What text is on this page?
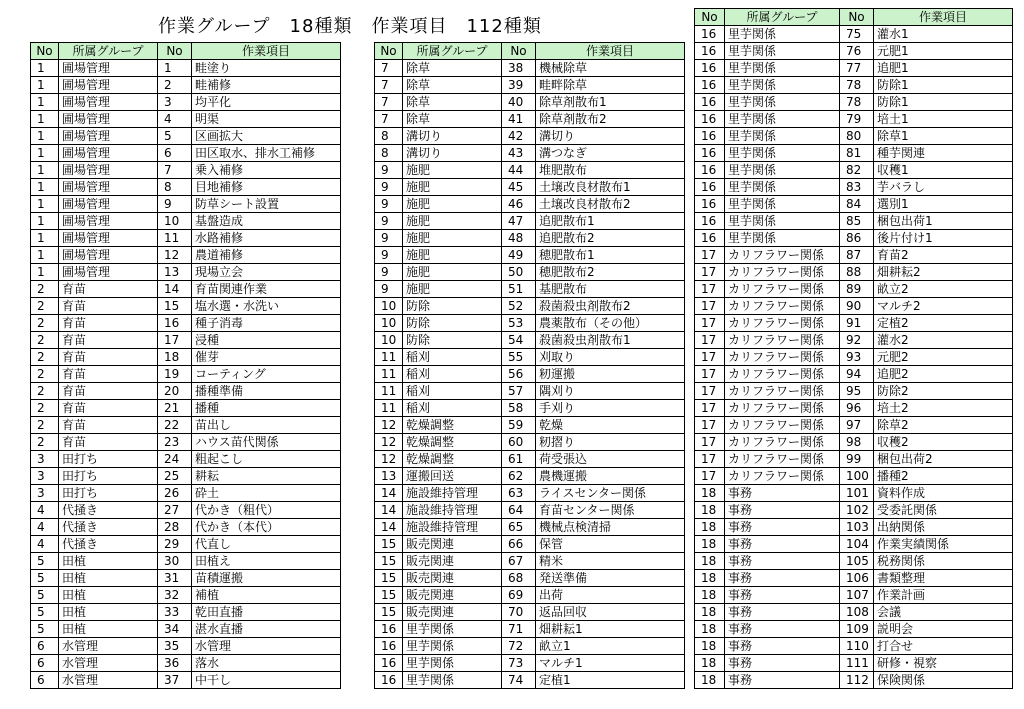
作業グループ　18種類　作業項目　112種類
No	所属グループ	No	作業項目
1	圃場管理	1	畦塗り
1	圃場管理	2	畦補修
1	圃場管理	3	均平化
1	圃場管理	4	明渠
1	圃場管理	5	区画拡大
1	圃場管理	6	田区取水、排水工補修
1	圃場管理	7	乗入補修
1	圃場管理	8	目地補修
1	圃場管理	9	防草シート設置
1	圃場管理	10	基盤造成
1	圃場管理	11	水路補修
1	圃場管理	12	農道補修
1	圃場管理	13	現場立会
2	育苗	14	育苗関連作業
2	育苗	15	塩水選・水洗い
2	育苗	16	種子消毒
2	育苗	17	浸種
2	育苗	18	催芽
2	育苗	19	コーティング
2	育苗	20	播種準備
2	育苗	21	播種
2	育苗	22	苗出し
2	育苗	23	ハウス苗代関係
3	田打ち	24	粗起こし
3	田打ち	25	耕耘
3	田打ち	26	砕土
4	代掻き	27	代かき（粗代）
4	代掻き	28	代かき（本代）
4	代掻き	29	代直し
5	田植	30	田植え
5	田植	31	苗積運搬
5	田植	32	補植
5	田植	33	乾田直播
5	田植	34	湛水直播
6	水管理	35	水管理
6	水管理	36	落水
6	水管理	37	中干し
No	所属グループ	No	作業項目
7	除草	38	機械除草
7	除草	39	畦畔除草
7	除草	40	除草剤散布1
7	除草	41	除草剤散布2
8	溝切り	42	溝切り
8	溝切り	43	溝つなぎ
9	施肥	44	堆肥散布
9	施肥	45	土壌改良材散布1
9	施肥	46	土壌改良材散布2
9	施肥	47	追肥散布1
9	施肥	48	追肥散布2
9	施肥	49	穂肥散布1
9	施肥	50	穂肥散布2
9	施肥	51	基肥散布
10	防除	52	殺菌殺虫剤散布2
10	防除	53	農薬散布（その他）
10	防除	54	殺菌殺虫剤散布1
11	稲刈	55	刈取り
11	稲刈	56	籾運搬
11	稲刈	57	隅刈り
11	稲刈	58	手刈り
12	乾燥調整	59	乾燥
12	乾燥調整	60	籾摺り
12	乾燥調整	61	荷受張込
13	運搬回送	62	農機運搬
14	施設維持管理	63	ライスセンター関係
14	施設維持管理	64	育苗センター関係
14	施設維持管理	65	機械点検清掃
15	販売関連	66	保管
15	販売関連	67	精米
15	販売関連	68	発送準備
15	販売関連	69	出荷
15	販売関連	70	返品回収
16	里芋関係	71	畑耕耘1
16	里芋関係	72	畝立1
16	里芋関係	73	マルチ1
16	里芋関係	74	定植1
No	所属グループ	No	作業項目
16	里芋関係	75	灌水1
16	里芋関係	76	元肥1
16	里芋関係	77	追肥1
16	里芋関係	78	防除1
16	里芋関係	78	防除1
16	里芋関係	79	培土1
16	里芋関係	80	除草1
16	里芋関係	81	種芋関連
16	里芋関係	82	収穫1
16	里芋関係	83	芋バラし
16	里芋関係	84	選別1
16	里芋関係	85	梱包出荷1
16	里芋関係	86	後片付け1
17	カリフラワー関係	87	育苗2
17	カリフラワー関係	88	畑耕耘2
17	カリフラワー関係	89	畝立2
17	カリフラワー関係	90	マルチ2
17	カリフラワー関係	91	定植2
17	カリフラワー関係	92	灌水2
17	カリフラワー関係	93	元肥2
17	カリフラワー関係	94	追肥2
17	カリフラワー関係	95	防除2
17	カリフラワー関係	96	培土2
17	カリフラワー関係	97	除草2
17	カリフラワー関係	98	収穫2
17	カリフラワー関係	99	梱包出荷2
17	カリフラワー関係	100	播種2
18	事務	101	資料作成
18	事務	102	受委託関係
18	事務	103	出納関係
18	事務	104	作業実績関係
18	事務	105	税務関係
18	事務	106	書類整理
18	事務	107	作業計画
18	事務	108	会議
18	事務	109	説明会
18	事務	110	打合せ
18	事務	111	研修・視察
18	事務	112	保険関係
